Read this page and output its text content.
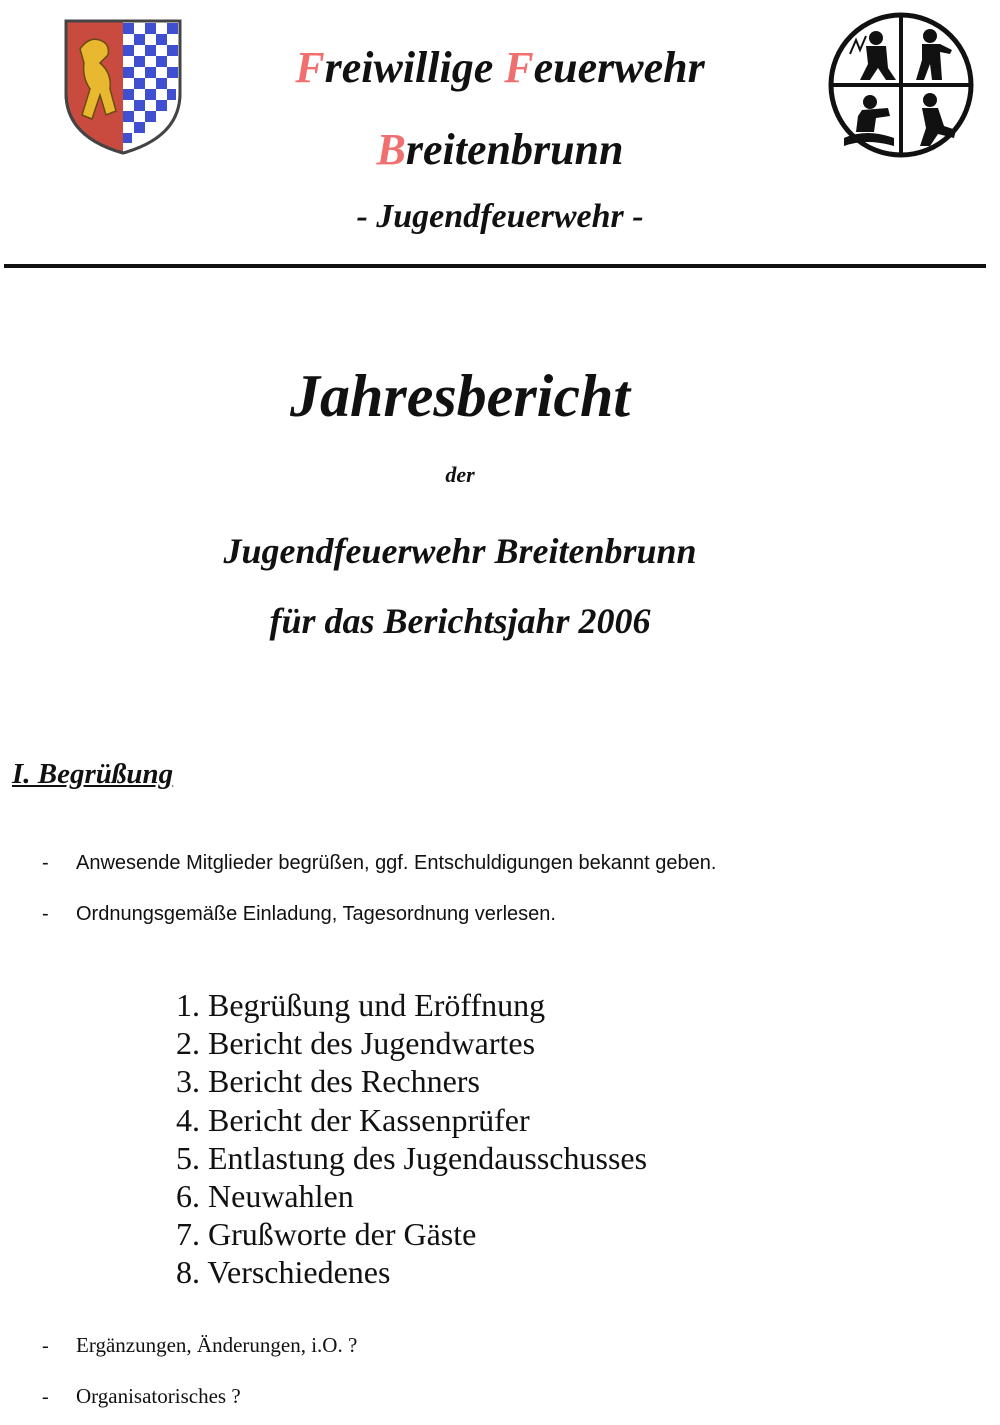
Freiwillige Feuerwehr
Breitenbrunn
- Jugendfeuerwehr -
Jahresbericht
der
Jugendfeuerwehr Breitenbrunn
für das Berichtsjahr 2006
I. Begrüßung
-	Anwesende Mitglieder begrüßen, ggf. Entschuldigungen bekannt geben.
-	Ordnungsgemäße Einladung, Tagesordnung verlesen.
1. Begrüßung und Eröffnung
2. Bericht des Jugendwartes
3. Bericht des Rechners
4. Bericht der Kassenprüfer
5. Entlastung des Jugendausschusses
6. Neuwahlen
7. Grußworte der Gäste
8. Verschiedenes
-	Ergänzungen, Änderungen, i.O. ?
-	Organisatorisches ?
